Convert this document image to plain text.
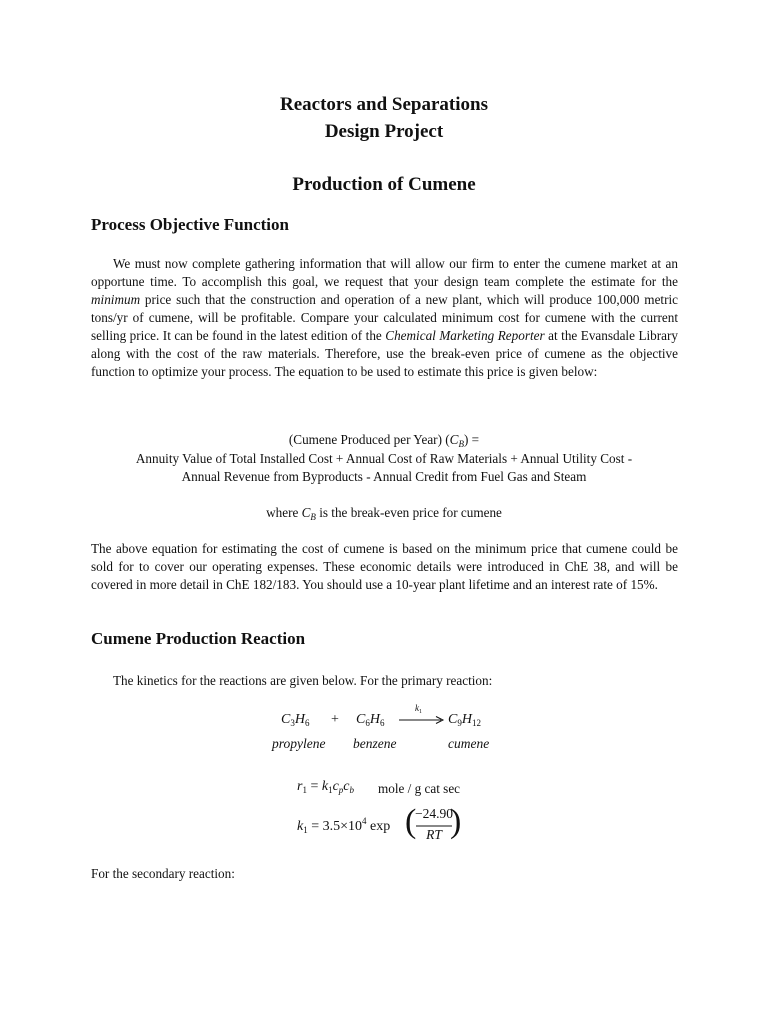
Reactors and Separations
Design Project
Production of Cumene
Process Objective Function
We must now complete gathering information that will allow our firm to enter the cumene market at an opportune time. To accomplish this goal, we request that your design team complete the estimate for the minimum price such that the construction and operation of a new plant, which will produce 100,000 metric tons/yr of cumene, will be profitable. Compare your calculated minimum cost for cumene with the current selling price. It can be found in the latest edition of the Chemical Marketing Reporter at the Evansdale Library along with the cost of the raw materials. Therefore, use the break-even price of cumene as the objective function to optimize your process. The equation to be used to estimate this price is given below:
(Cumene Produced per Year) $(C_B)$ =
Annuity Value of Total Installed Cost + Annual Cost of Raw Materials + Annual Utility Cost -
Annual Revenue from Byproducts - Annual Credit from Fuel Gas and Steam
where $C_B$ is the break-even price for cumene
The above equation for estimating the cost of cumene is based on the minimum price that cumene could be sold for to cover our operating expenses. These economic details were introduced in ChE 38, and will be covered in more detail in ChE 182/183. You should use a 10-year plant lifetime and an interest rate of 15%.
Cumene Production Reaction
The kinetics for the reactions are given below. For the primary reaction:
$C_3H_6 + C_6H_6$
$k_1 \to C_9H_{12}$
propylene benzene	cumene
$r_1 = k_1c_pc_b$ mole / g cat sec
$k_1 = 3.5\times 10^4$ exp (
−24.90
RT )
For the secondary reaction:
